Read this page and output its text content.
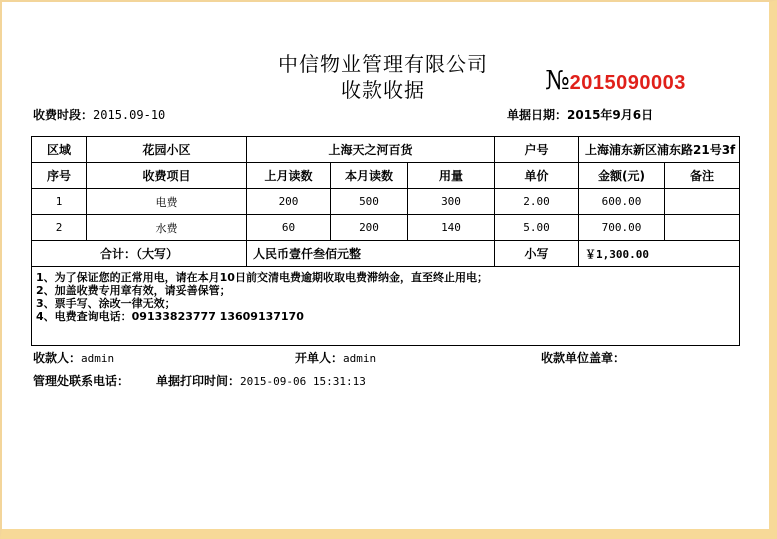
中信物业管理有限公司
收款收据	№2015090003
收费时段：2015.09-10	单据日期：2015年9月6日
区域	花园小区	上海天之河百货			户号	上海浦东新区浦东路21号3f	
序号	收费项目	上月读数	本月读数	用量	单价	金额(元)	备注
1	电费	200	500	300	2.00	600.00	
2	水费	60	200	140	5.00	700.00	
合计：（大写）		人民币壹仟叁佰元整			小写	￥1,300.00	

1、为了保证您的正常用电，请在本月10日前交清电费逾期收取电费滞纳金，直至终止用电；
2、加盖收费专用章有效，请妥善保管；
3、票手写、涂改一律无效；
4、电费查询电话：09133823777 13609137170							
收款人：admin	开单人：admin	收款单位盖章：
管理处联系电话： 单据打印时间：2015-09-06 15:31:13
